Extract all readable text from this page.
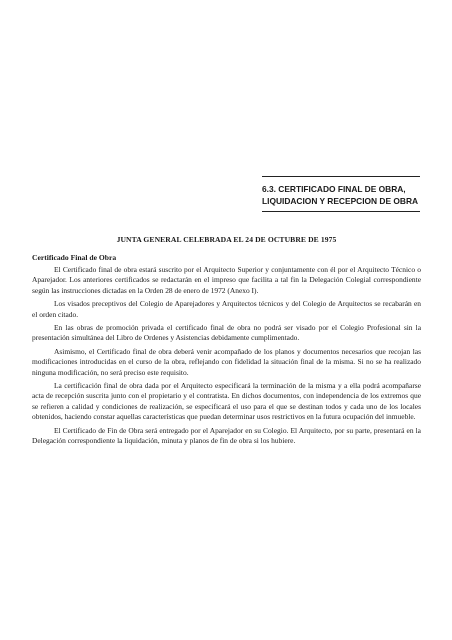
6.3. CERTIFICADO FINAL DE OBRA,
LIQUIDACION Y RECEPCION DE OBRA

JUNTA GENERAL CELEBRADA EL 24 DE OCTUBRE DE 1975

Certificado Final de Obra

El Certificado final de obra estará suscrito por el Arquitecto Superior y conjuntamente con él por el Arquitecto Técnico o Aparejador. Los anteriores certificados se redactarán en el impreso que facilita a tal fin la Delegación Colegial correspondiente según las instrucciones dictadas en la Orden 28 de enero de 1972 (Anexo I).

Los visados preceptivos del Colegio de Aparejadores y Arquitectos técnicos y del Colegio de Arquitectos se recabarán en el orden citado.

En las obras de promoción privada el certificado final de obra no podrá ser visado por el Colegio Profesional sin la presentación simultánea del Libro de Ordenes y Asistencias debidamente cumplimentado.

Asimismo, el Certificado final de obra deberá venir acompañado de los planos y documentos necesarios que recojan las modificaciones introducidas en el curso de la obra, reflejando con fidelidad la situación final de la misma. Si no se ha realizado ninguna modificación, no será preciso este requisito.

La certificación final de obra dada por el Arquitecto especificará la terminación de la misma y a ella podrá acompañarse acta de recepción suscrita junto con el propietario y el contratista. En dichos documentos, con independencia de los extremos que se refieren a calidad y condiciones de realización, se especificará el uso para el que se destinan todos y cada uno de los locales obtenidos, haciendo constar aquellas características que puedan determinar usos restrictivos en la futura ocupación del inmueble.

El Certificado de Fin de Obra será entregado por el Aparejador en su Colegio. El Arquitecto, por su parte, presentará en la Delegación correspondiente la liquidación, minuta y planos de fin de obra si los hubiere.
